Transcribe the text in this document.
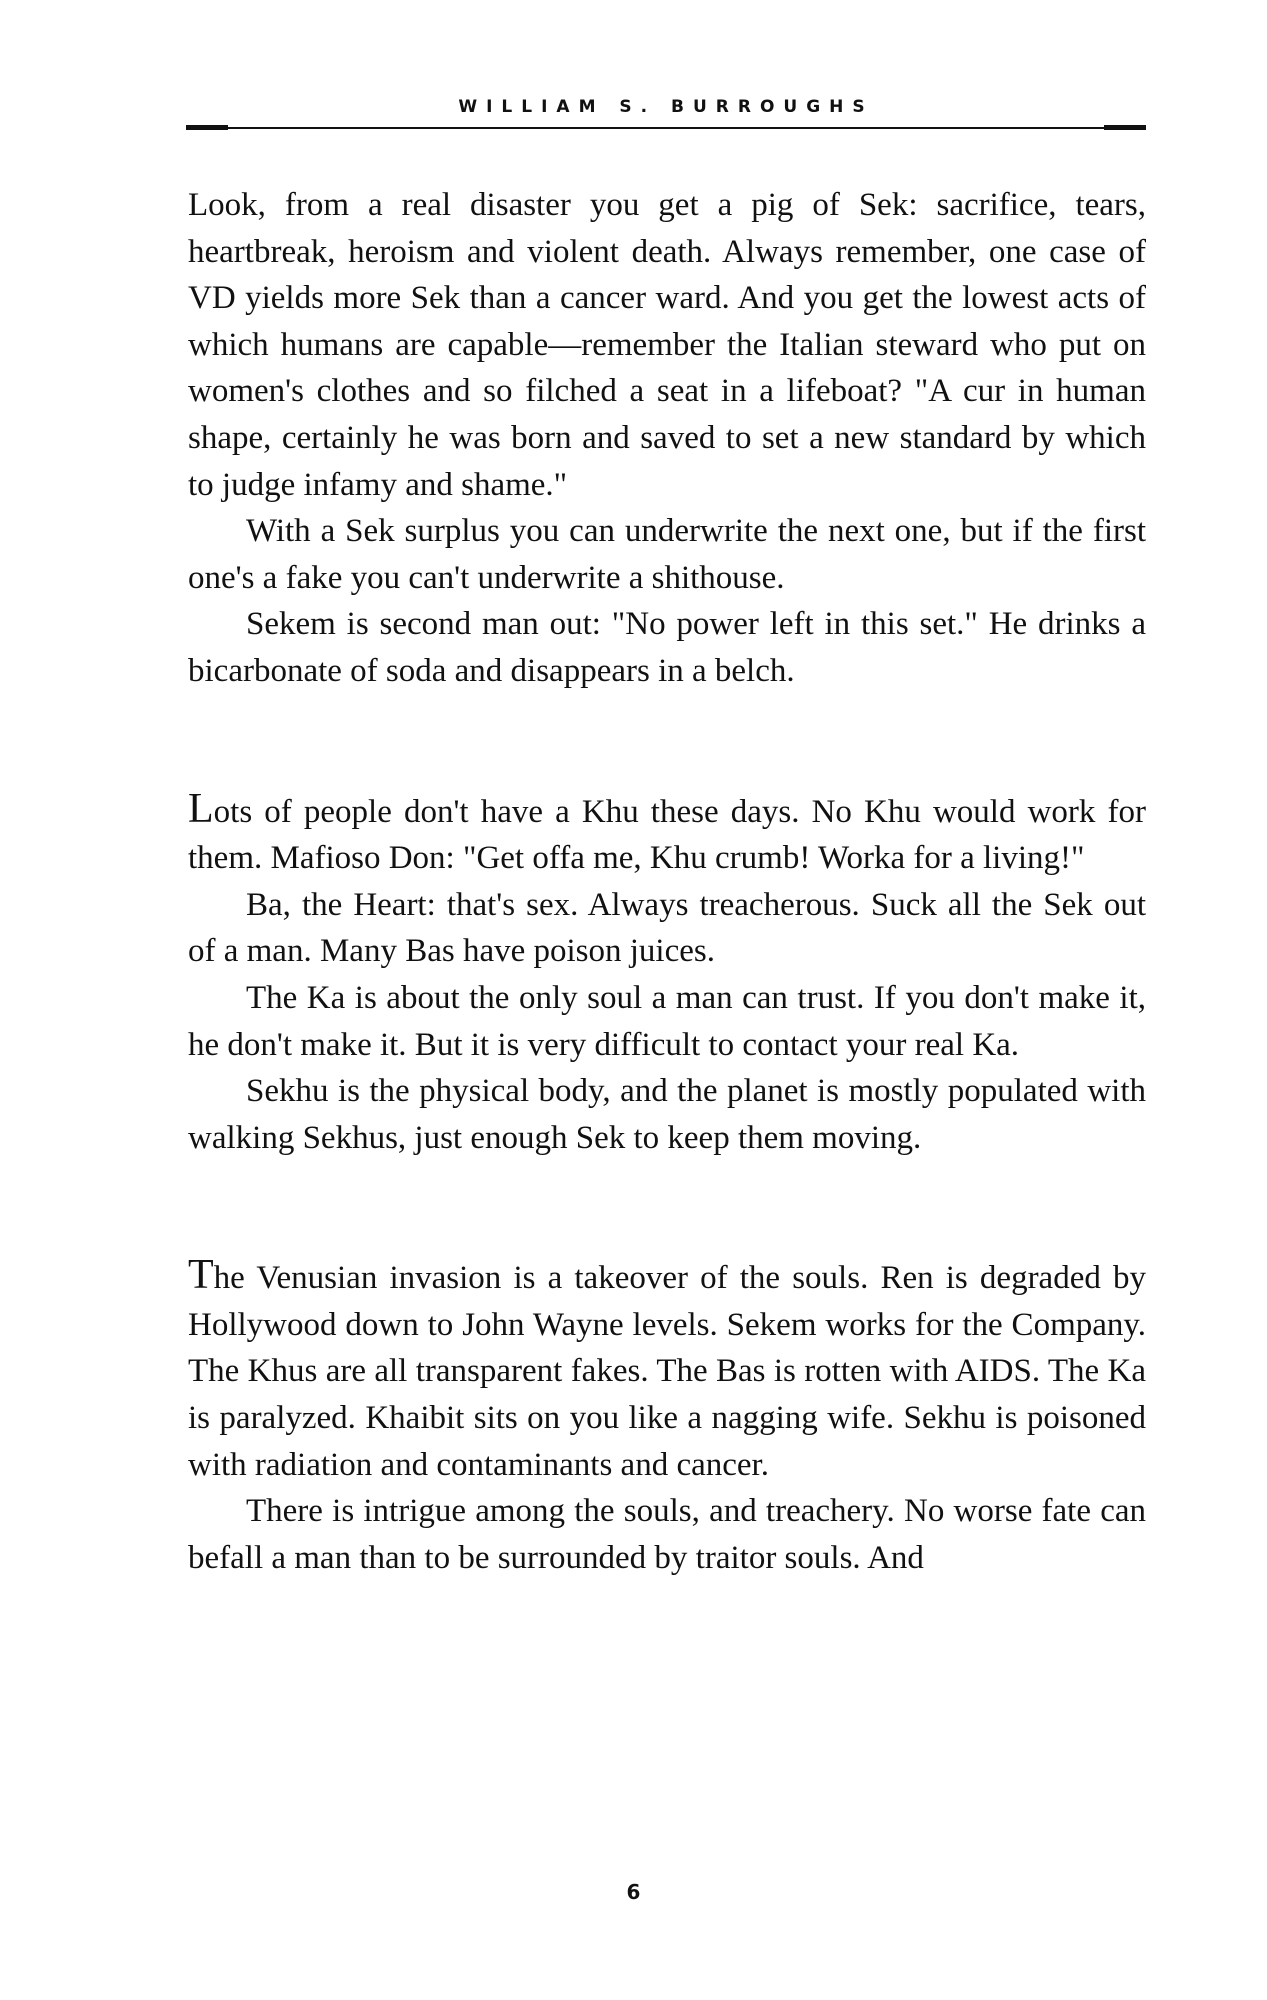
WILLIAM S. BURROUGHS

Look, from a real disaster you get a pig of Sek: sacrifice, tears, heartbreak, heroism and violent death. Always remember, one case of VD yields more Sek than a cancer ward. And you get the lowest acts of which humans are capable—remember the Italian steward who put on women's clothes and so filched a seat in a lifeboat? "A cur in human shape, certainly he was born and saved to set a new standard by which to judge infamy and shame."

With a Sek surplus you can underwrite the next one, but if the first one's a fake you can't underwrite a shithouse.

Sekem is second man out: "No power left in this set." He drinks a bicarbonate of soda and disappears in a belch.

Lots of people don't have a Khu these days. No Khu would work for them. Mafioso Don: "Get offa me, Khu crumb! Worka for a living!"

Ba, the Heart: that's sex. Always treacherous. Suck all the Sek out of a man. Many Bas have poison juices.

The Ka is about the only soul a man can trust. If you don't make it, he don't make it. But it is very difficult to contact your real Ka.

Sekhu is the physical body, and the planet is mostly populated with walking Sekhus, just enough Sek to keep them moving.

The Venusian invasion is a takeover of the souls. Ren is degraded by Hollywood down to John Wayne levels. Sekem works for the Company. The Khus are all transparent fakes. The Bas is rotten with AIDS. The Ka is paralyzed. Khaibit sits on you like a nagging wife. Sekhu is poisoned with radiation and contaminants and cancer.

There is intrigue among the souls, and treachery. No worse fate can befall a man than to be surrounded by traitor souls. And

6
